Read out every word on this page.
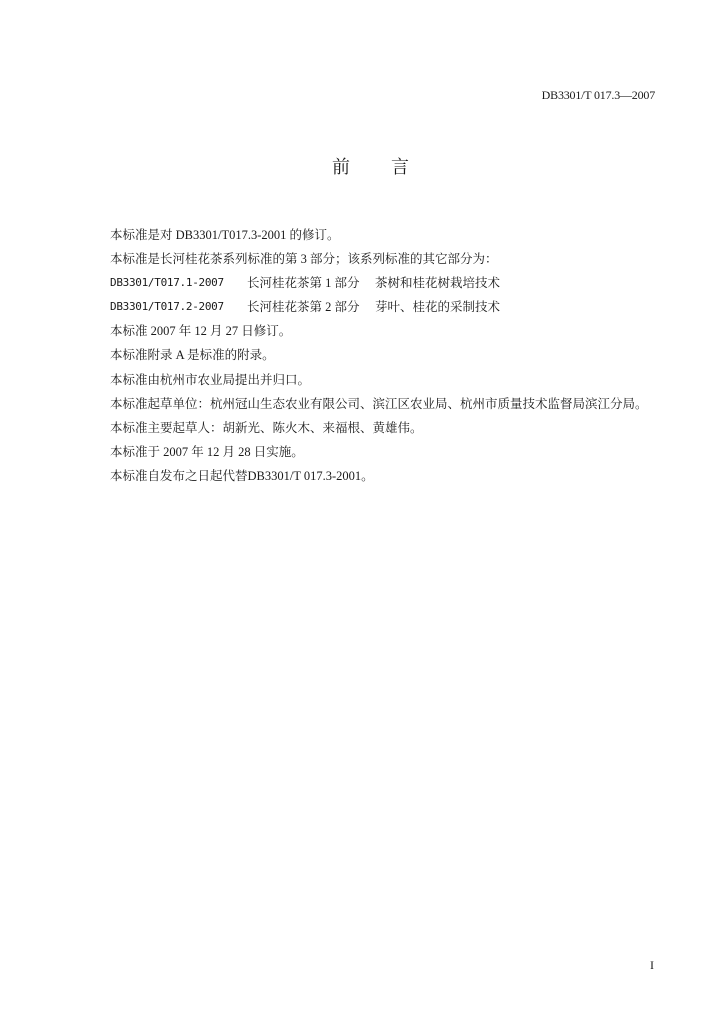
DB3301/T 017.3—2007
前 言
本标准是对 DB3301/T017.3-2001 的修订。
本标准是长河桂花茶系列标准的第 3 部分；该系列标准的其它部分为：
DB3301/T017.1-2007 长河桂花茶第 1 部分 茶树和桂花树栽培技术
DB3301/T017.2-2007 长河桂花茶第 2 部分 芽叶、桂花的采制技术
本标准 2007 年 12 月 27 日修订。
本标准附录 A 是标准的附录。
本标准由杭州市农业局提出并归口。
本标准起草单位：杭州冠山生态农业有限公司、滨江区农业局、杭州市质量技术监督局滨江分局。
本标准主要起草人：胡新光、陈火木、来福根、黄雄伟。
本标准于 2007 年 12 月 28 日实施。
本标准自发布之日起代替DB3301/T 017.3-2001。
I
